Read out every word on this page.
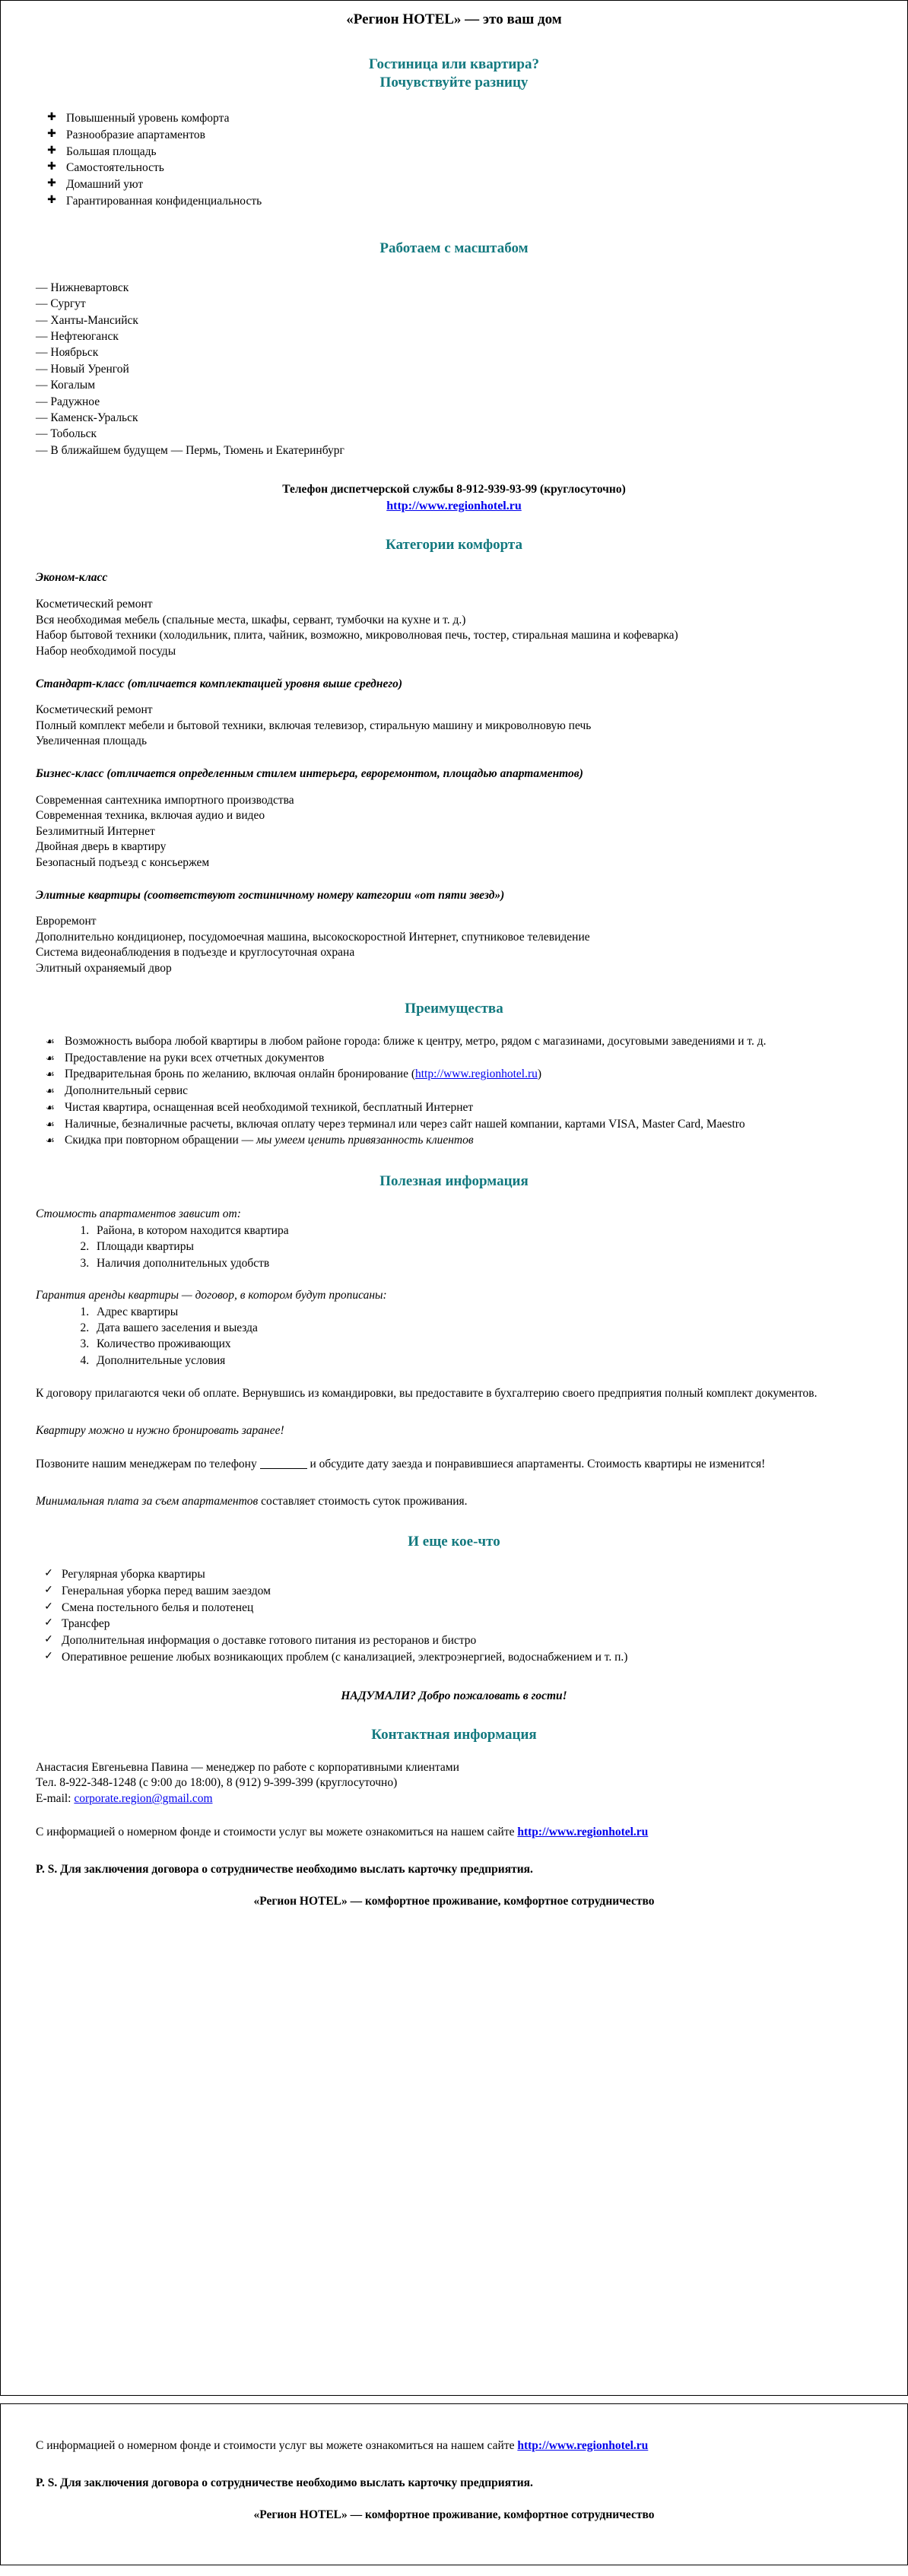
«Регион HOTEL» — это ваш дом
Гостиница или квартира?
Почувствуйте разницу
✚ Повышенный уровень комфорта
✚ Разнообразие апартаментов
✚ Большая площадь
✚ Самостоятельность
✚ Домашний уют
✚ Гарантированная конфиденциальность
Работаем с масштабом
— Нижневартовск
— Сургут
— Ханты-Мансийск
— Нефтеюганск
— Ноябрьск
— Новый Уренгой
— Когалым
— Радужное
— Каменск-Уральск
— Тобольск
— В ближайшем будущем — Пермь, Тюмень и Екатеринбург
Телефон диспетчерской службы 8-912-939-93-99 (круглосуточно)
http://www.regionhotel.ru
Категории комфорта
Эконом-класс
Косметический ремонт
Вся необходимая мебель (спальные места, шкафы, сервант, тумбочки на кухне и т. д.)
Набор бытовой техники (холодильник, плита, чайник, возможно, микроволновая печь, тостер, стиральная машина и кофеварка)
Набор необходимой посуды
Стандарт-класс (отличается комплектацией уровня выше среднего)
Косметический ремонт
Полный комплект мебели и бытовой техники, включая телевизор, стиральную машину и микроволновую печь
Увеличенная площадь
Бизнес-класс (отличается определенным стилем интерьера, евроремонтом, площадью апартаментов)
Современная сантехника импортного производства
Современная техника, включая аудио и видео
Безлимитный Интернет
Двойная дверь в квартиру
Безопасный подъезд с консьержем
Элитные квартиры (соответствуют гостиничному номеру категории «от пяти звезд»)
Евроремонт
Дополнительно кондиционер, посудомоечная машина, высокоскоростной Интернет, спутниковое телевидение
Система видеонаблюдения в подъезде и круглосуточная охрана
Элитный охраняемый двор
Преимущества
☙ Возможность выбора любой квартиры в любом районе города: ближе к центру, метро, рядом с магазинами, досуговыми заведениями и т. д.
☙ Предоставление на руки всех отчетных документов
☙ Предварительная бронь по желанию, включая онлайн бронирование (http://www.regionhotel.ru)
☙ Дополнительный сервис
☙ Чистая квартира, оснащенная всей необходимой техникой, бесплатный Интернет
☙ Наличные, безналичные расчеты, включая оплату через терминал или через сайт нашей компании, картами VISA, Master Card, Maestro
☙ Скидка при повторном обращении — мы умеем ценить привязанность клиентов
Полезная информация
Стоимость апартаментов зависит от:
1. Района, в котором находится квартира
2. Площади квартиры
3. Наличия дополнительных удобств
Гарантия аренды квартиры — договор, в котором будут прописаны:
1. Адрес квартиры
2. Дата вашего заселения и выезда
3. Количество проживающих
4. Дополнительные условия

К договору прилагаются чеки об оплате. Вернувшись из командировки, вы предоставите в бухгалтерию своего предприятия полный комплект документов.

Квартиру можно и нужно бронировать заранее!

Позвоните нашим менеджерам по телефону	и обсудите дату заезда и понравившиеся апартаменты. Стоимость квартиры не изменится!

Минимальная плата за съем апартаментов составляет стоимость суток проживания.
И еще кое-что
✓ Регулярная уборка квартиры
✓ Генеральная уборка перед вашим заездом
✓ Смена постельного белья и полотенец
✓ Трансфер
✓ Дополнительная информация о доставке готового питания из ресторанов и бистро
✓ Оперативное решение любых возникающих проблем (с канализацией, электроэнергией, водоснабжением и т. п.)
НАДУМАЛИ? Добро пожаловать в гости!
Контактная информация
Анастасия Евгеньевна Павина — менеджер по работе с корпоративными клиентами
Тел. 8-922-348-1248 (с 9:00 до 18:00), 8 (912) 9-399-399 (круглосуточно)
E-mail: corporate.region@gmail.com

С информацией о номерном фонде и стоимости услуг вы можете ознакомиться на нашем сайте http://www.regionhotel.ru

P. S. Для заключения договора о сотрудничестве необходимо выслать карточку предприятия.
«Регион HOTEL» — комфортное проживание, комфортное сотрудничество

С информацией о номерном фонде и стоимости услуг вы можете ознакомиться на нашем сайте http://www.regionhotel.ru

P. S. Для заключения договора о сотрудничестве необходимо выслать карточку предприятия.
«Регион HOTEL» — комфортное проживание, комфортное сотрудничество
